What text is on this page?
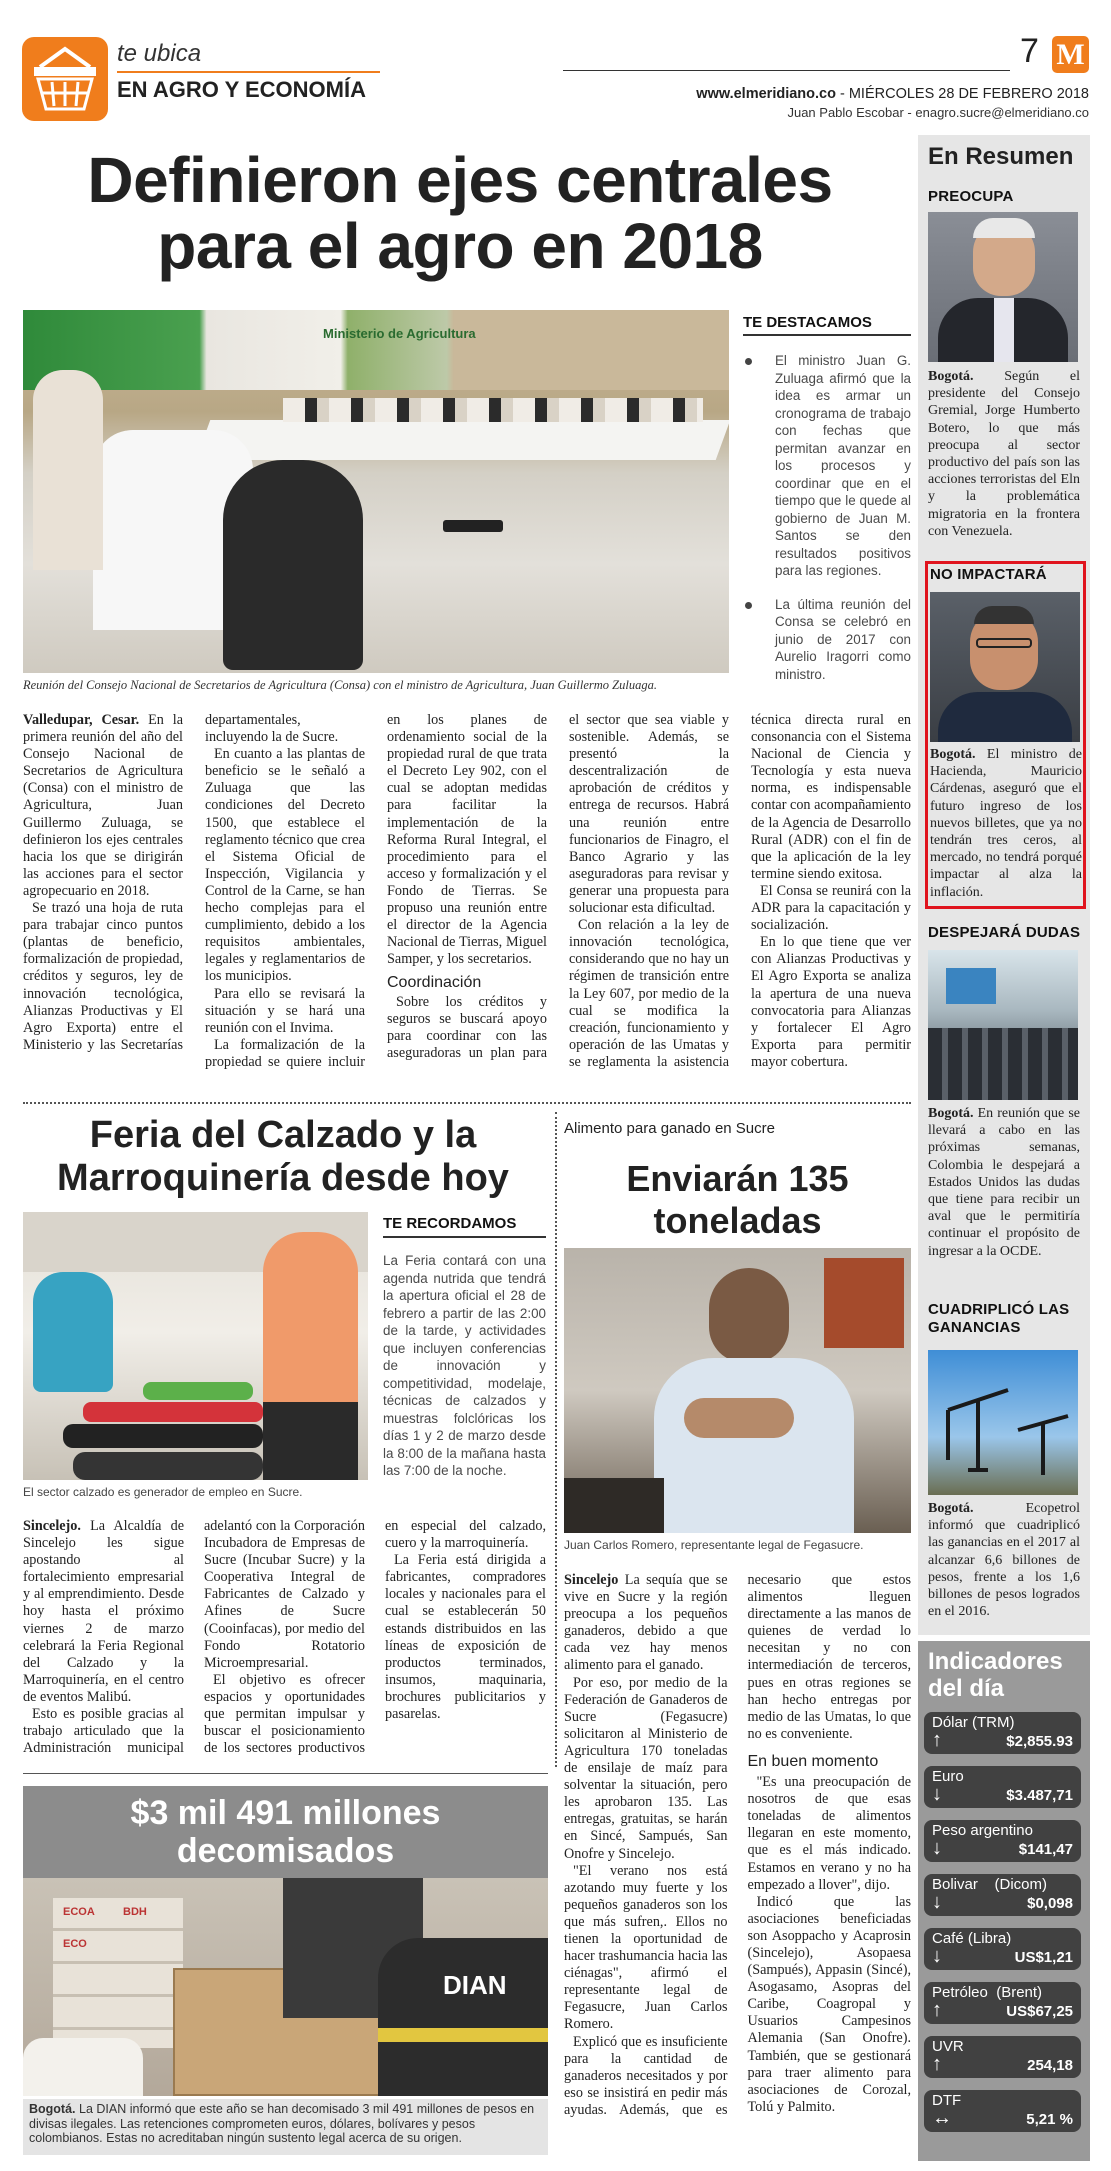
te ubica
EN AGRO Y ECONOMÍA
7 M
www.elmeridiano.co - MIÉRCOLES 28 DE FEBRERO 2018
Juan Pablo Escobar - enagro.sucre@elmeridiano.co
Definieron ejes centrales
para el agro en 2018
Ministerio de Agricultura
Reunión del Consejo Nacional de Secretarios de Agricultura (Consa) con el ministro de Agricultura, Juan Guillermo Zuluaga.
TE DESTACAMOS
El ministro Juan G. Zuluaga afirmó que la idea es armar un cronograma de trabajo con fechas que permitan avanzar en los procesos y coordinar que en el tiempo que le quede al gobierno de Juan M. Santos se den resultados positivos para las regiones.
La última reunión del Consa se celebró en junio de 2017 con Aurelio Iragorri como ministro.

Valledupar, Cesar. En la primera reunión del año del Consejo Nacional de Secretarios de Agricultura (Consa) con el ministro de Agricultura, Juan Guillermo Zuluaga, se definieron los ejes centrales hacia los que se dirigirán las acciones para el sector agropecuario en 2018.

Se trazó una hoja de ruta para trabajar cinco puntos (plantas de beneficio, formalización de propiedad, créditos y seguros, ley de innovación tecnológica, Alianzas Productivas y El Agro Exporta) entre el Ministerio y las Secretarías departamentales, incluyendo la de Sucre.

En cuanto a las plantas de beneficio se le señaló a Zuluaga que las condiciones del Decreto 1500, que establece el reglamento técnico que crea el Sistema Oficial de Inspección, Vigilancia y Control de la Carne, se han hecho complejas para el cumplimiento, debido a los requisitos ambientales, legales y reglamentarios de los municipios.

Para ello se revisará la situación y se hará una reunión con el Invima.

La formalización de la propiedad se quiere incluir en los planes de ordenamiento social de la propiedad rural de que trata el Decreto Ley 902, con el cual se adoptan medidas para facilitar la implementación de la Reforma Rural Integral, el procedimiento para el acceso y formalización y el Fondo de Tierras. Se propuso una reunión entre el director de la Agencia Nacional de Tierras, Miguel Samper, y los secretarios.

Coordinación

Sobre los créditos y seguros se buscará apoyo para coordinar con las aseguradoras un plan para el sector que sea viable y sostenible. Además, se presentó la descentralización de aprobación de créditos y entrega de recursos. Habrá una reunión entre funcionarios de Finagro, el Banco Agrario y las aseguradoras para revisar y generar una propuesta para solucionar esta dificultad.

Con relación a la ley de innovación tecnológica, considerando que no hay un régimen de transición entre la Ley 607, por medio de la cual se modifica la creación, funcionamiento y operación de las Umatas y se reglamenta la asistencia técnica directa rural en consonancia con el Sistema Nacional de Ciencia y Tecnología y esta nueva norma, es indispensable contar con acompañamiento de la Agencia de Desarrollo Rural (ADR) con el fin de que la aplicación de la ley termine siendo exitosa.

El Consa se reunirá con la ADR para la capacitación y socialización.

En lo que tiene que ver con Alianzas Productivas y El Agro Exporta se analiza la apertura de una nueva convocatoria para Alianzas y fortalecer El Agro Exporta para permitir mayor cobertura.

Feria del Calzado y la
Marroquinería desde hoy
El sector calzado es generador de empleo en Sucre.
TE RECORDAMOS
La Feria contará con una agenda nutrida que tendrá la apertura oficial el 28 de febrero a partir de las 2:00 de la tarde, y actividades que incluyen conferencias de innovación y competitividad, modelaje, técnicas de calzados y muestras folclóricas los días 1 y 2 de marzo desde la 8:00 de la mañana hasta las 7:00 de la noche.

Sincelejo. La Alcaldía de Sincelejo les sigue apostando al fortalecimiento empresarial y al emprendimiento. Desde hoy hasta el próximo viernes 2 de marzo celebrará la Feria Regional del Calzado y la Marroquinería, en el centro de eventos Malibú.

Esto es posible gracias al trabajo articulado que la Administración municipal adelantó con la Corporación Incubadora de Empresas de Sucre (Incubar Sucre) y la Cooperativa Integral de Fabricantes de Calzado y Afines de Sucre (Cooinfacas), por medio del Fondo Rotatorio Microempresarial.

El objetivo es ofrecer espacios y oportunidades que permitan impulsar y buscar el posicionamiento de los sectores productivos en especial del calzado, cuero y la marroquinería.

La Feria está dirigida a fabricantes, compradores locales y nacionales para el cual se establecerán 50 estands distribuidos en las líneas de exposición de productos terminados, insumos, maquinaria, brochures publicitarios y pasarelas.

Alimento para ganado en Sucre
Enviarán 135
toneladas
Juan Carlos Romero, representante legal de Fegasucre.

Sincelejo La sequía que se vive en Sucre y la región preocupa a los pequeños ganaderos, debido a que cada vez hay menos alimento para el ganado.

Por eso, por medio de la Federación de Ganaderos de Sucre (Fegasucre) solicitaron al Ministerio de Agricultura 170 toneladas de ensilaje de maíz para solventar la situación, pero les aprobaron 135. Las entregas, gratuitas, se harán en Sincé, Sampués, San Onofre y Sincelejo.

"El verano nos está azotando muy fuerte y los pequeños ganaderos son los que más sufren,. Ellos no tienen la oportunidad de hacer trashumancia hacia las ciénagas", afirmó el representante legal de Fegasucre, Juan Carlos Romero.

Explicó que es insuficiente para la cantidad de ganaderos necesitados y por eso se insistirá en pedir más ayudas. Además, que es necesario que estos alimentos lleguen directamente a las manos de quienes de verdad lo necesitan y no con intermediación de terceros, pues en otras regiones se han hecho entregas por medio de las Umatas, lo que no es conveniente.

En buen momento

"Es una preocupación de nosotros de que esas toneladas de alimentos llegaran en este momento, que es el más indicado. Estamos en verano y no ha empezado a llover", dijo.

Indicó que las asociaciones beneficiadas son Asoppacho y Acaprosin (Sincelejo), Asopaesa (Sampués), Appasin (Sincé), Asogasamo, Asopras del Caribe, Coagropal y Usuarios Campesinos Alemania (San Onofre). También, que se gestionará para traer alimento para asociaciones de Corozal, Tolú y Palmito.

$3 mil 491 millones
decomisados
ECOA
ECO
BDH
DIAN
Bogotá. La DIAN informó que este año se han decomisado 3 mil 491 millones de pesos en divisas ilegales. Las retenciones comprometen euros, dólares, bolívares y pesos colombianos. Estas no acreditaban ningún sustento legal acerca de su origen.
En Resumen
PREOCUPA
Bogotá. Según el presidente del Consejo Gremial, Jorge Humberto Botero, lo que más preocupa al sector productivo del país son las acciones terroristas del Eln y la problemática migratoria en la frontera con Venezuela.
NO IMPACTARÁ
Bogotá. El ministro de Hacienda, Mauricio Cárdenas, aseguró que el futuro ingreso de los nuevos billetes, que ya no tendrán tres ceros, al mercado, no tendrá porqué impactar al alza la inflación.
DESPEJARÁ DUDAS
Bogotá. En reunión que se llevará a cabo en las próximas semanas, Colombia le despejará a Estados Unidos las dudas que tiene para recibir un aval que le permitiría continuar el propósito de ingresar a la OCDE.
CUADRIPLICÓ LAS GANANCIAS
Bogotá. Ecopetrol informó que cuadriplicó las ganancias en el 2017 al alcanzar 6,6 billones de pesos, frente a los 1,6 billones de pesos logrados en el 2016.
Indicadores
del día
Dólar (TRM)
↑	$2,855.93
Euro
↓	$3.487,71
Peso argentino
↓	$141,47
Bolivar    (Dicom)
↓	$0,098
Café (Libra)
↓	US$1,21
Petróleo  (Brent)
↑	US$67,25
UVR
↑	254,18
DTF
↔	5,21 %
